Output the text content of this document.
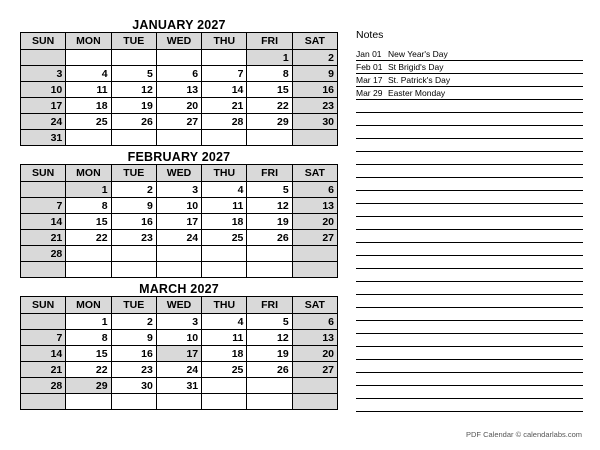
JANUARY 2027
SUN	MON	TUE	WED	THU	FRI	SAT
					1	2
3	4	5	6	7	8	9
10	11	12	13	14	15	16
17	18	19	20	21	22	23
24	25	26	27	28	29	30
31						
FEBRUARY 2027
SUN	MON	TUE	WED	THU	FRI	SAT
	1	2	3	4	5	6
7	8	9	10	11	12	13
14	15	16	17	18	19	20
21	22	23	24	25	26	27
28						

MARCH 2027
SUN	MON	TUE	WED	THU	FRI	SAT
	1	2	3	4	5	6
7	8	9	10	11	12	13
14	15	16	17	18	19	20
21	22	23	24	25	26	27
28	29	30	31			

Notes
Jan 01 New Year's Day
Feb 01 St Brigid's Day
Mar 17 St. Patrick's Day
Mar 29 Easter Monday
PDF Calendar © calendarlabs.com
